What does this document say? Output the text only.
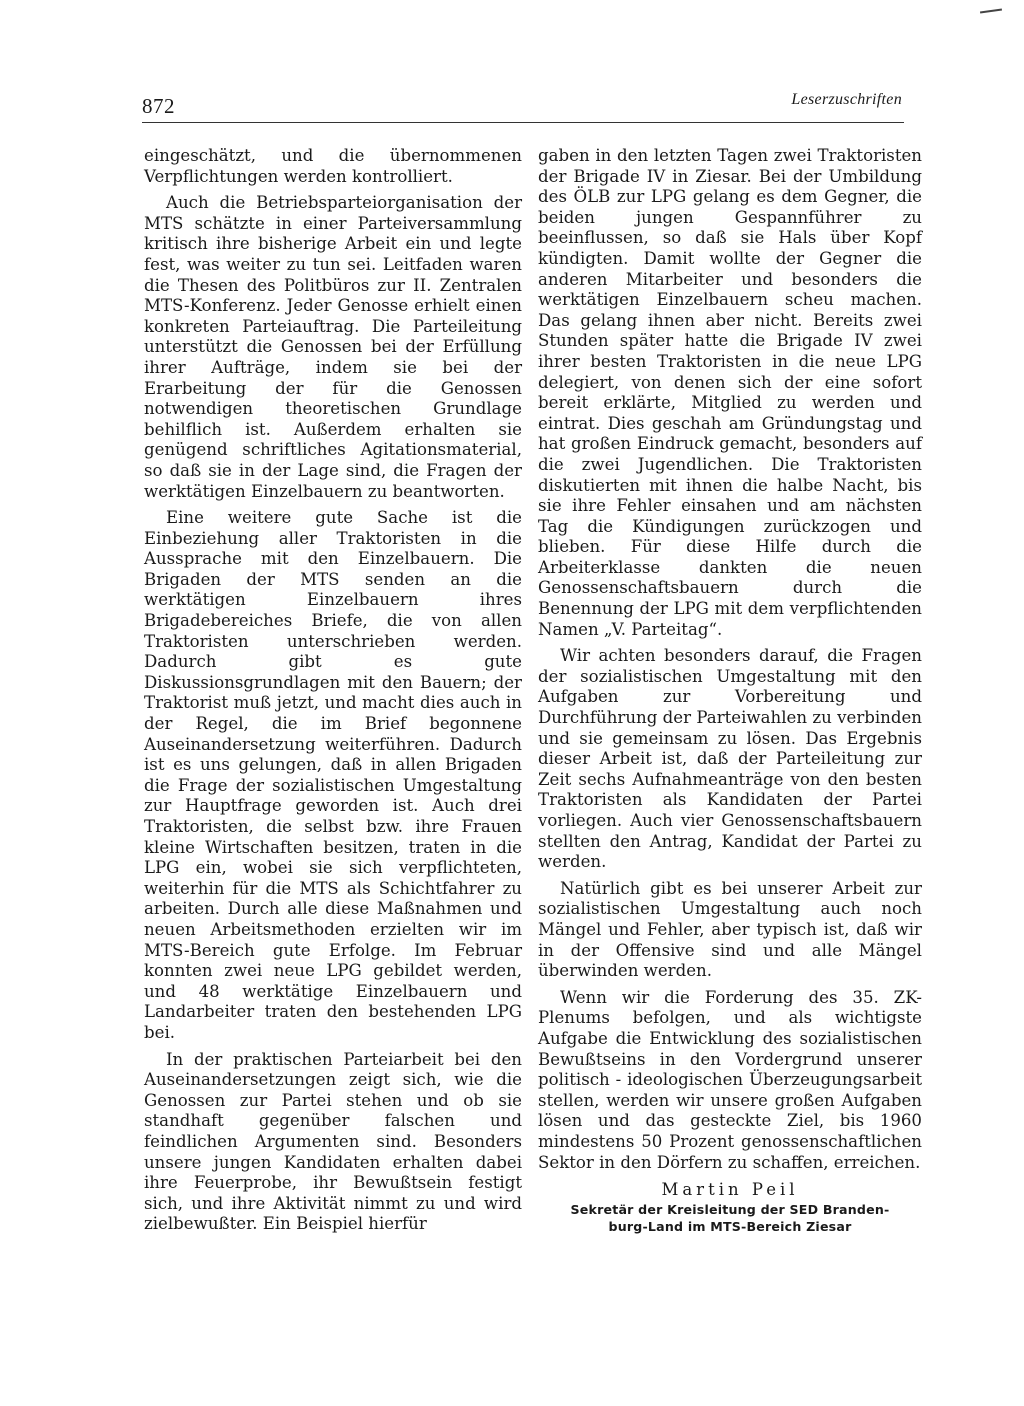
872	Leserzuschriften

eingeschätzt, und die übernommenen Verpflichtungen werden kontrolliert.

Auch die Betriebsparteiorganisation der MTS schätzte in einer Parteiversammlung kritisch ihre bisherige Arbeit ein und legte fest, was weiter zu tun sei. Leitfaden waren die Thesen des Politbüros zur II. Zentralen MTS-Konferenz. Jeder Genosse erhielt einen konkreten Parteiauftrag. Die Parteileitung unterstützt die Genossen bei der Erfüllung ihrer Aufträge, indem sie bei der Erarbeitung der für die Genossen notwendigen theoretischen Grundlage behilflich ist. Außerdem erhalten sie genügend schriftliches Agitationsmaterial, so daß sie in der Lage sind, die Fragen der werktätigen Einzelbauern zu beantworten.

Eine weitere gute Sache ist die Einbeziehung aller Traktoristen in die Aussprache mit den Einzelbauern. Die Brigaden der MTS senden an die werktätigen Einzelbauern ihres Brigadebereiches Briefe, die von allen Traktoristen unterschrieben werden. Dadurch gibt es gute Diskussionsgrundlagen mit den Bauern; der Traktorist muß jetzt, und macht dies auch in der Regel, die im Brief begonnene Auseinandersetzung weiterführen. Dadurch ist es uns gelungen, daß in allen Brigaden die Frage der sozialistischen Umgestaltung zur Hauptfrage geworden ist. Auch drei Traktoristen, die selbst bzw. ihre Frauen kleine Wirtschaften besitzen, traten in die LPG ein, wobei sie sich verpflichteten, weiterhin für die MTS als Schichtfahrer zu arbeiten. Durch alle diese Maßnahmen und neuen Arbeitsmethoden erzielten wir im MTS-Bereich gute Erfolge. Im Februar konnten zwei neue LPG gebildet werden, und 48 werktätige Einzelbauern und Landarbeiter traten den bestehenden LPG bei.

In der praktischen Parteiarbeit bei den Auseinandersetzungen zeigt sich, wie die Genossen zur Partei stehen und ob sie standhaft gegenüber falschen und feindlichen Argumenten sind. Besonders unsere jungen Kandidaten erhalten dabei ihre Feuerprobe, ihr Bewußtsein festigt sich, und ihre Aktivität nimmt zu und wird zielbewußter. Ein Beispiel hierfür

gaben in den letzten Tagen zwei Traktoristen der Brigade IV in Ziesar. Bei der Umbildung des ÖLB zur LPG gelang es dem Gegner, die beiden jungen Gespannführer zu beeinflussen, so daß sie Hals über Kopf kündigten. Damit wollte der Gegner die anderen Mitarbeiter und besonders die werktätigen Einzelbauern scheu machen. Das gelang ihnen aber nicht. Bereits zwei Stunden später hatte die Brigade IV zwei ihrer besten Traktoristen in die neue LPG delegiert, von denen sich der eine sofort bereit erklärte, Mitglied zu werden und eintrat. Dies geschah am Gründungstag und hat großen Eindruck gemacht, besonders auf die zwei Jugendlichen. Die Traktoristen diskutierten mit ihnen die halbe Nacht, bis sie ihre Fehler einsahen und am nächsten Tag die Kündigungen zurückzogen und blieben. Für diese Hilfe durch die Arbeiterklasse dankten die neuen Genossenschaftsbauern durch die Benennung der LPG mit dem verpflichtenden Namen „V. Parteitag“.

Wir achten besonders darauf, die Fragen der sozialistischen Umgestaltung mit den Aufgaben zur Vorbereitung und Durchführung der Parteiwahlen zu verbinden und sie gemeinsam zu lösen. Das Ergebnis dieser Arbeit ist, daß der Parteileitung zur Zeit sechs Aufnahmeanträge von den besten Traktoristen als Kandidaten der Partei vorliegen. Auch vier Genossenschaftsbauern stellten den Antrag, Kandidat der Partei zu werden.

Natürlich gibt es bei unserer Arbeit zur sozialistischen Umgestaltung auch noch Mängel und Fehler, aber typisch ist, daß wir in der Offensive sind und alle Mängel überwinden werden.

Wenn wir die Forderung des 35. ZK-Plenums befolgen, und als wichtigste Aufgabe die Entwicklung des sozialistischen Bewußtseins in den Vordergrund unserer politisch - ideologischen Überzeugungsarbeit stellen, werden wir unsere großen Aufgaben lösen und das gesteckte Ziel, bis 1960 mindestens 50 Prozent genossenschaftlichen Sektor in den Dörfern zu schaffen, erreichen.

Martin Peil

Sekretär der Kreisleitung der SED Branden-
burg-Land im MTS-Bereich Ziesar
